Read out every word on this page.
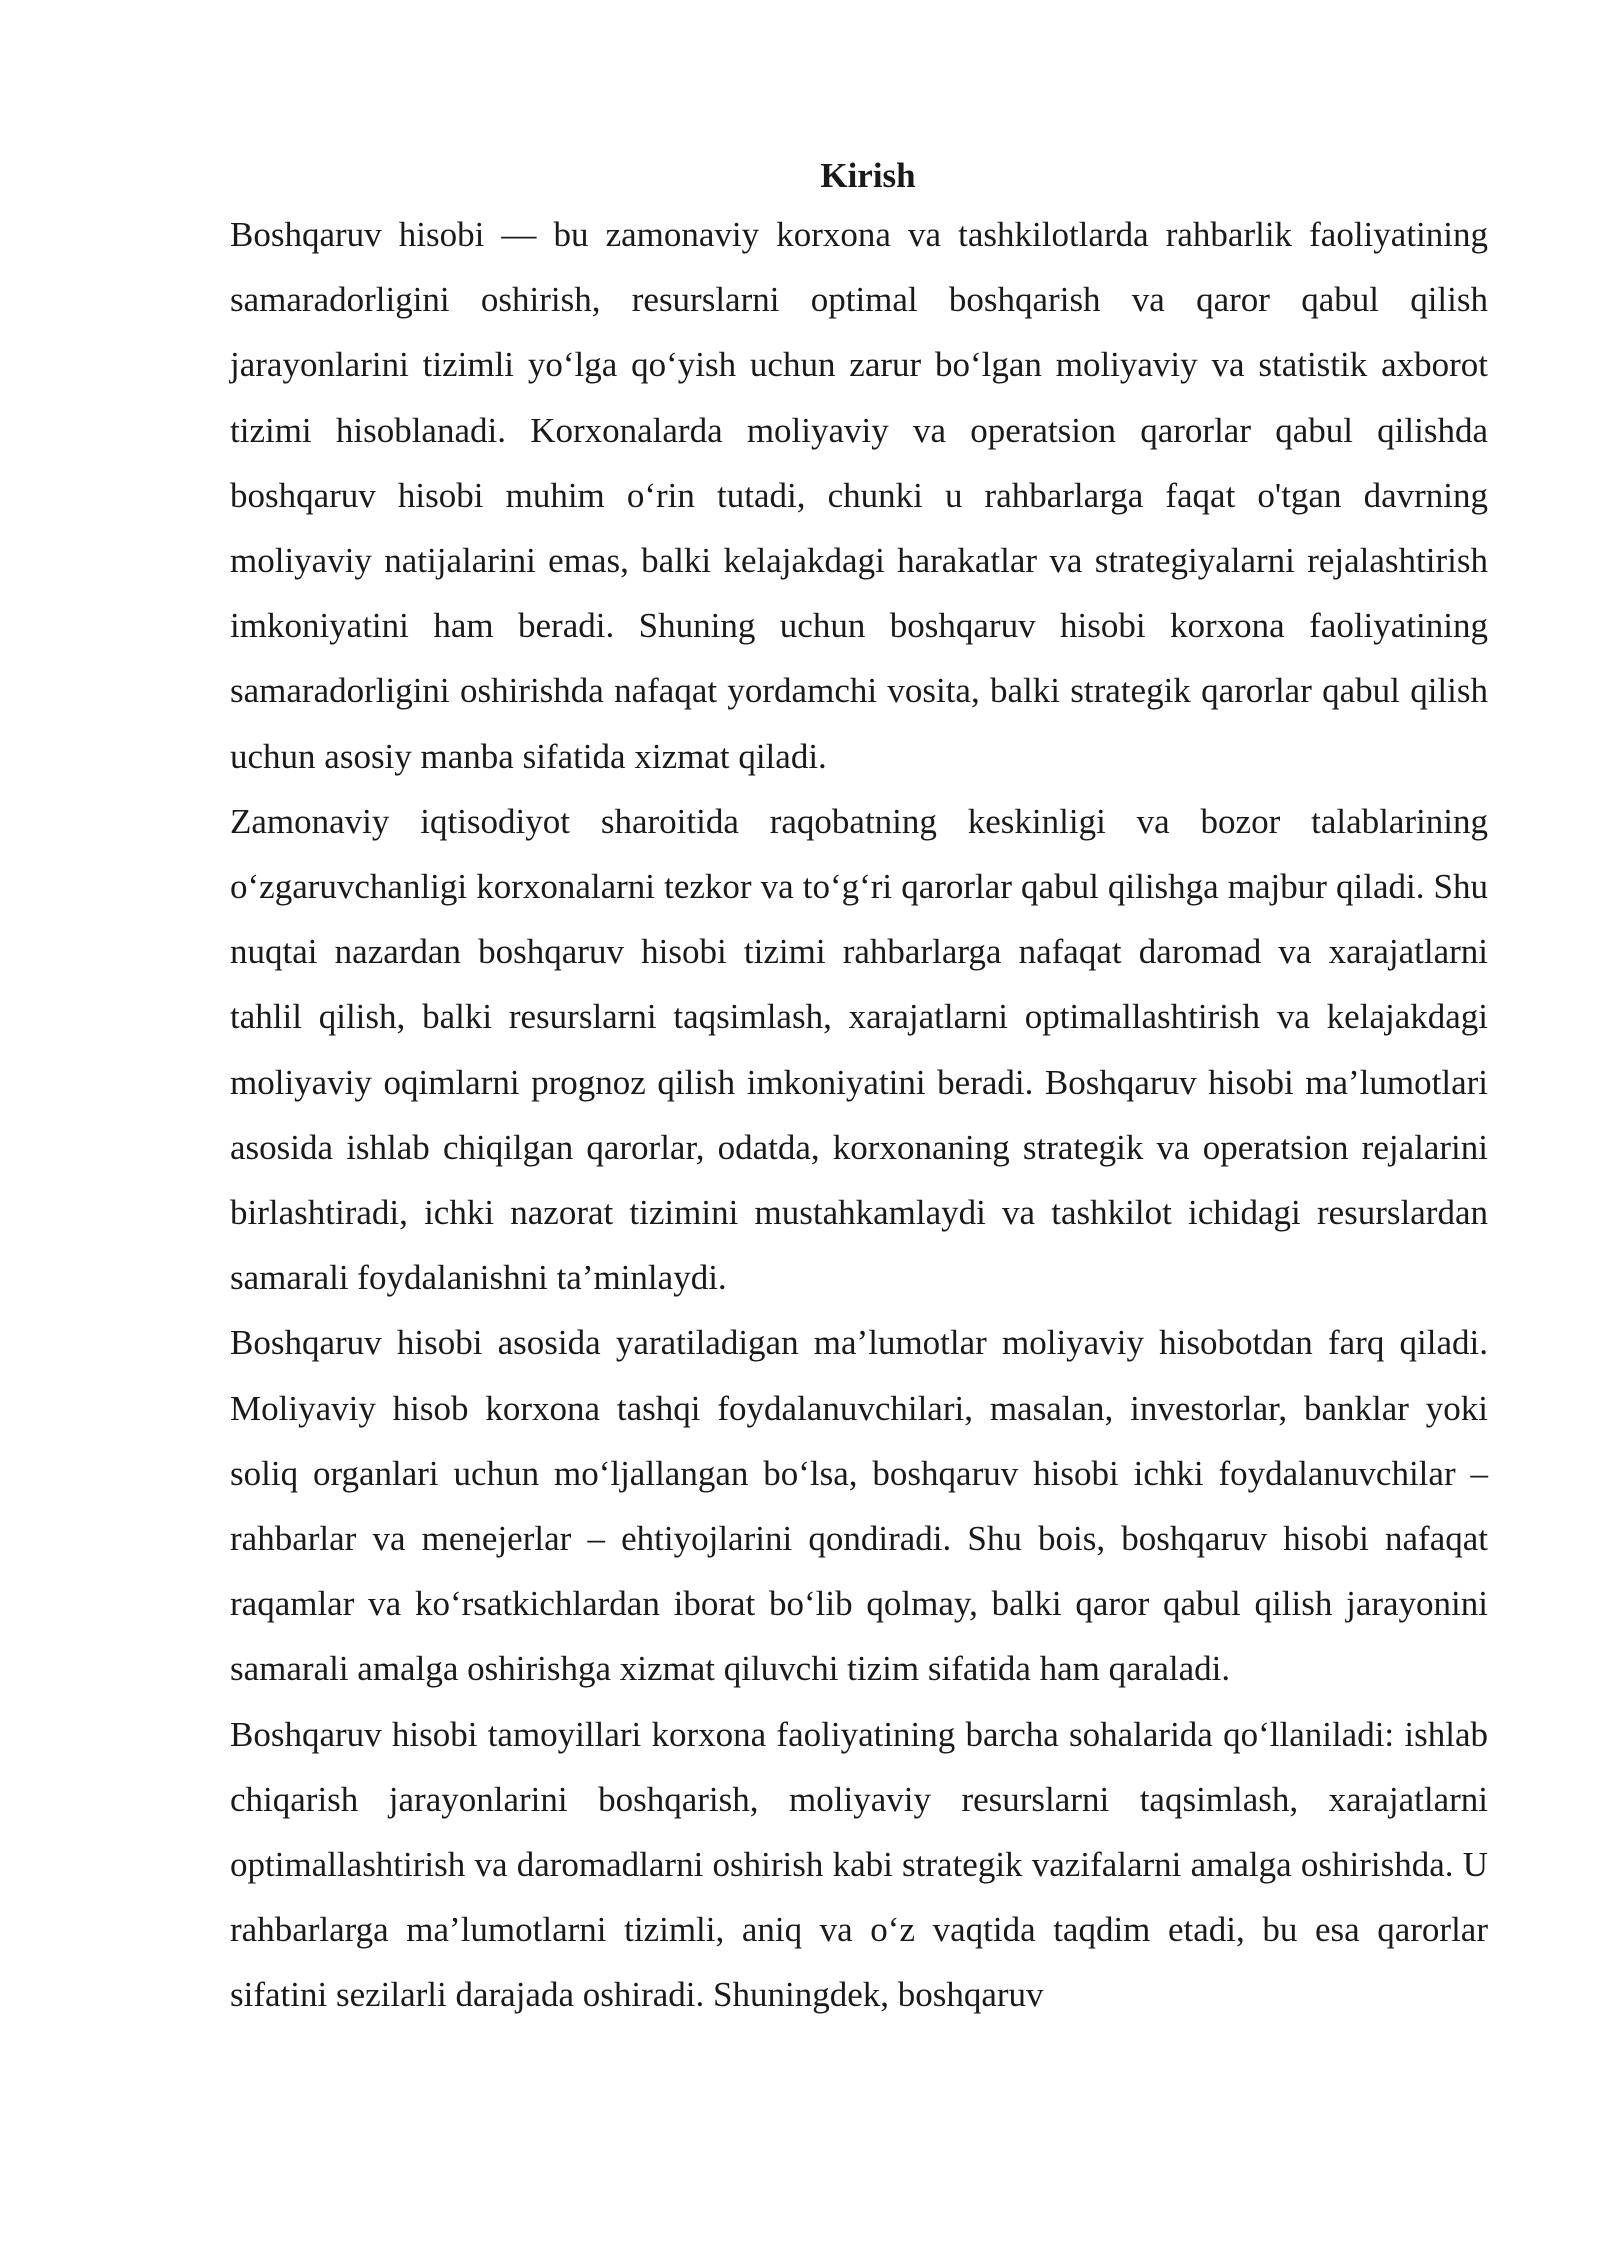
Kirish

Boshqaruv hisobi — bu zamonaviy korxona va tashkilotlarda rahbarlik faoliyatining samaradorligini oshirish, resurslarni optimal boshqarish va qaror qabul qilish jarayonlarini tizimli yo‘lga qo‘yish uchun zarur bo‘lgan moliyaviy va statistik axborot tizimi hisoblanadi. Korxonalarda moliyaviy va operatsion qarorlar qabul qilishda boshqaruv hisobi muhim o‘rin tutadi, chunki u rahbarlarga faqat o'tgan davrning moliyaviy natijalarini emas, balki kelajakdagi harakatlar va strategiyalarni rejalashtirish imkoniyatini ham beradi. Shuning uchun boshqaruv hisobi korxona faoliyatining samaradorligini oshirishda nafaqat yordamchi vosita, balki strategik qarorlar qabul qilish uchun asosiy manba sifatida xizmat qiladi.

Zamonaviy iqtisodiyot sharoitida raqobatning keskinligi va bozor talablarining o‘zgaruvchanligi korxonalarni tezkor va to‘g‘ri qarorlar qabul qilishga majbur qiladi. Shu nuqtai nazardan boshqaruv hisobi tizimi rahbarlarga nafaqat daromad va xarajatlarni tahlil qilish, balki resurslarni taqsimlash, xarajatlarni optimallashtirish va kelajakdagi moliyaviy oqimlarni prognoz qilish imkoniyatini beradi. Boshqaruv hisobi ma’lumotlari asosida ishlab chiqilgan qarorlar, odatda, korxonaning strategik va operatsion rejalarini birlashtiradi, ichki nazorat tizimini mustahkamlaydi va tashkilot ichidagi resurslardan samarali foydalanishni ta’minlaydi.

Boshqaruv hisobi asosida yaratiladigan ma’lumotlar moliyaviy hisobotdan farq qiladi. Moliyaviy hisob korxona tashqi foydalanuvchilari, masalan, investorlar, banklar yoki soliq organlari uchun mo‘ljallangan bo‘lsa, boshqaruv hisobi ichki foydalanuvchilar – rahbarlar va menejerlar – ehtiyojlarini qondiradi. Shu bois, boshqaruv hisobi nafaqat raqamlar va ko‘rsatkichlardan iborat bo‘lib qolmay, balki qaror qabul qilish jarayonini samarali amalga oshirishga xizmat qiluvchi tizim sifatida ham qaraladi.

Boshqaruv hisobi tamoyillari korxona faoliyatining barcha sohalarida qo‘llaniladi: ishlab chiqarish jarayonlarini boshqarish, moliyaviy resurslarni taqsimlash, xarajatlarni optimallashtirish va daromadlarni oshirish kabi strategik vazifalarni amalga oshirishda. U rahbarlarga ma’lumotlarni tizimli, aniq va o‘z vaqtida taqdim etadi, bu esa qarorlar sifatini sezilarli darajada oshiradi. Shuningdek, boshqaruv
